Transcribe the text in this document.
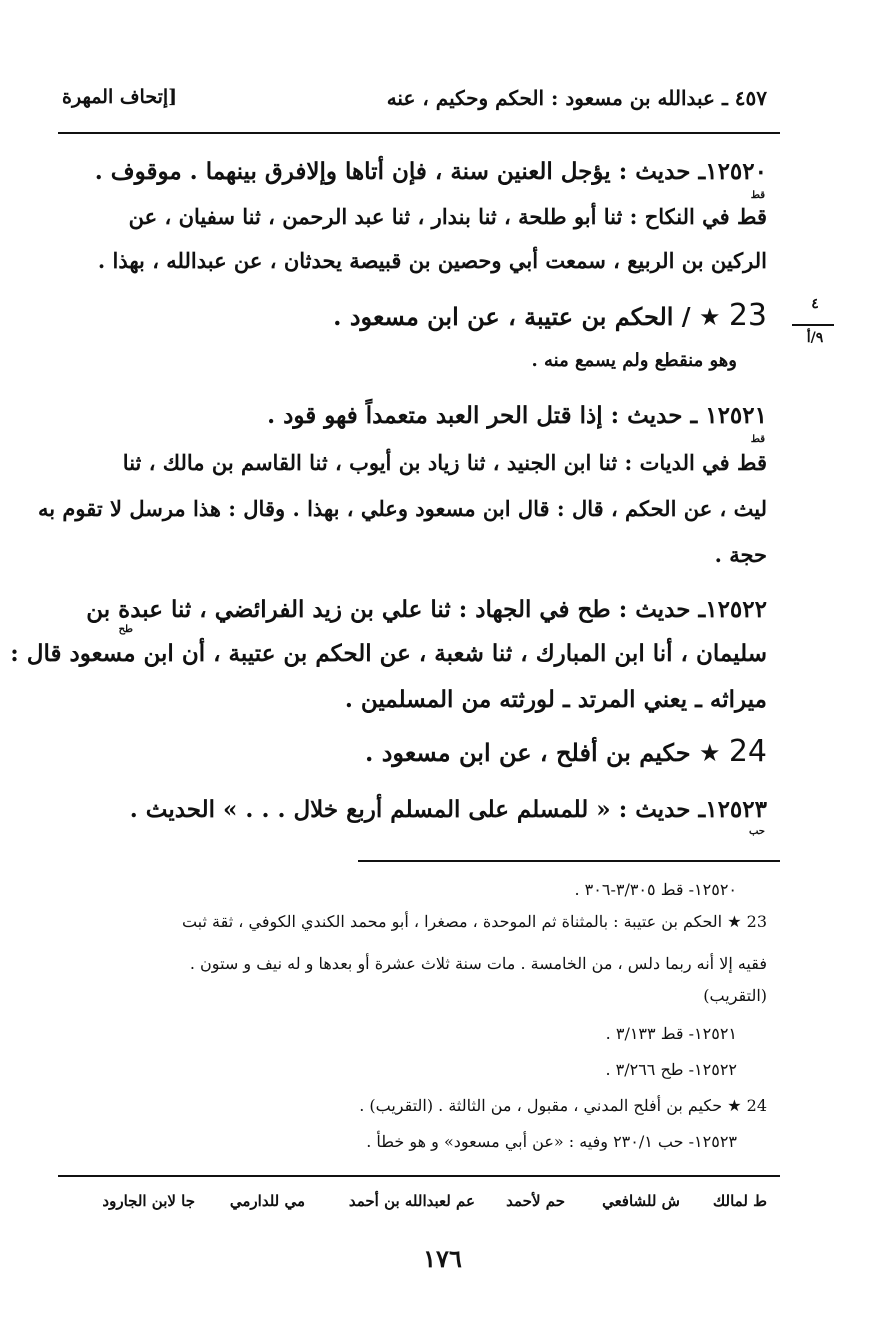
٤٥٧ ـ عبدالله بن مسعود : الحكم وحكيم ، عنه
[إتحاف المهرة
٤
٩/أ
١٢٥٢٠ـ حديث : يؤجل العنين سنة ، فإن أتاها وإلافرق بينهما . موقوف .
قط
قط في النكاح : ثنا أبو طلحة ، ثنا بندار ، ثنا عبد الرحمن ، ثنا سفيان ، عن
الركين بن الربيع ، سمعت أبي وحصين بن قبيصة يحدثان ، عن عبدالله ، بهذا .
23 ★ / الحكم بن عتيبة ، عن ابن مسعود .
وهو منقطع ولم يسمع منه .
١٢٥٢١ ـ حديث : إذا قتل الحر العبد متعمداً فهو قود .
قط
قط في الديات : ثنا ابن الجنيد ، ثنا زياد بن أيوب ، ثنا القاسم بن مالك ، ثنا
ليث ، عن الحكم ، قال : قال ابن مسعود وعلي ، بهذا . وقال : هذا مرسل لا تقوم به
حجة .
١٢٥٢٢ـ حديث : طح في الجهاد : ثنا علي بن زيد الفرائضي ، ثنا عبدة بن
طح
سليمان ، أنا ابن المبارك ، ثنا شعبة ، عن الحكم بن عتيبة ، أن ابن مسعود قال :
ميراثه ـ يعني المرتد ـ لورثته من المسلمين .
24 ★ حكيم بن أفلح ، عن ابن مسعود .
١٢٥٢٣ـ حديث : « للمسلم على المسلم أربع خلال . . . » الحديث .
حب
١٢٥٢٠- قط ٣/٣٠٥-٣٠٦ .
23 ★ الحكم بن عتيبة : بالمثناة ثم الموحدة ، مصغرا ، أبو محمد الكندي الكوفي ، ثقة ثبت
فقيه إلا أنه ربما دلس ، من الخامسة . مات سنة ثلاث عشرة أو بعدها و له نيف و ستون .
(التقريب)
١٢٥٢١- قط ٣/١٣٣ .
١٢٥٢٢- طح ٣/٢٦٦ .
24 ★ حكيم بن أفلح المدني ، مقبول ، من الثالثة . (التقريب) .
١٢٥٢٣- حب ٢٣٠/١ وفيه : «عن أبي مسعود» و هو خطأ .
ط لمالك
ش للشافعي
حم لأحمد
عم لعبدالله بن أحمد
مي للدارمي
جا لابن الجارود
١٧٦
